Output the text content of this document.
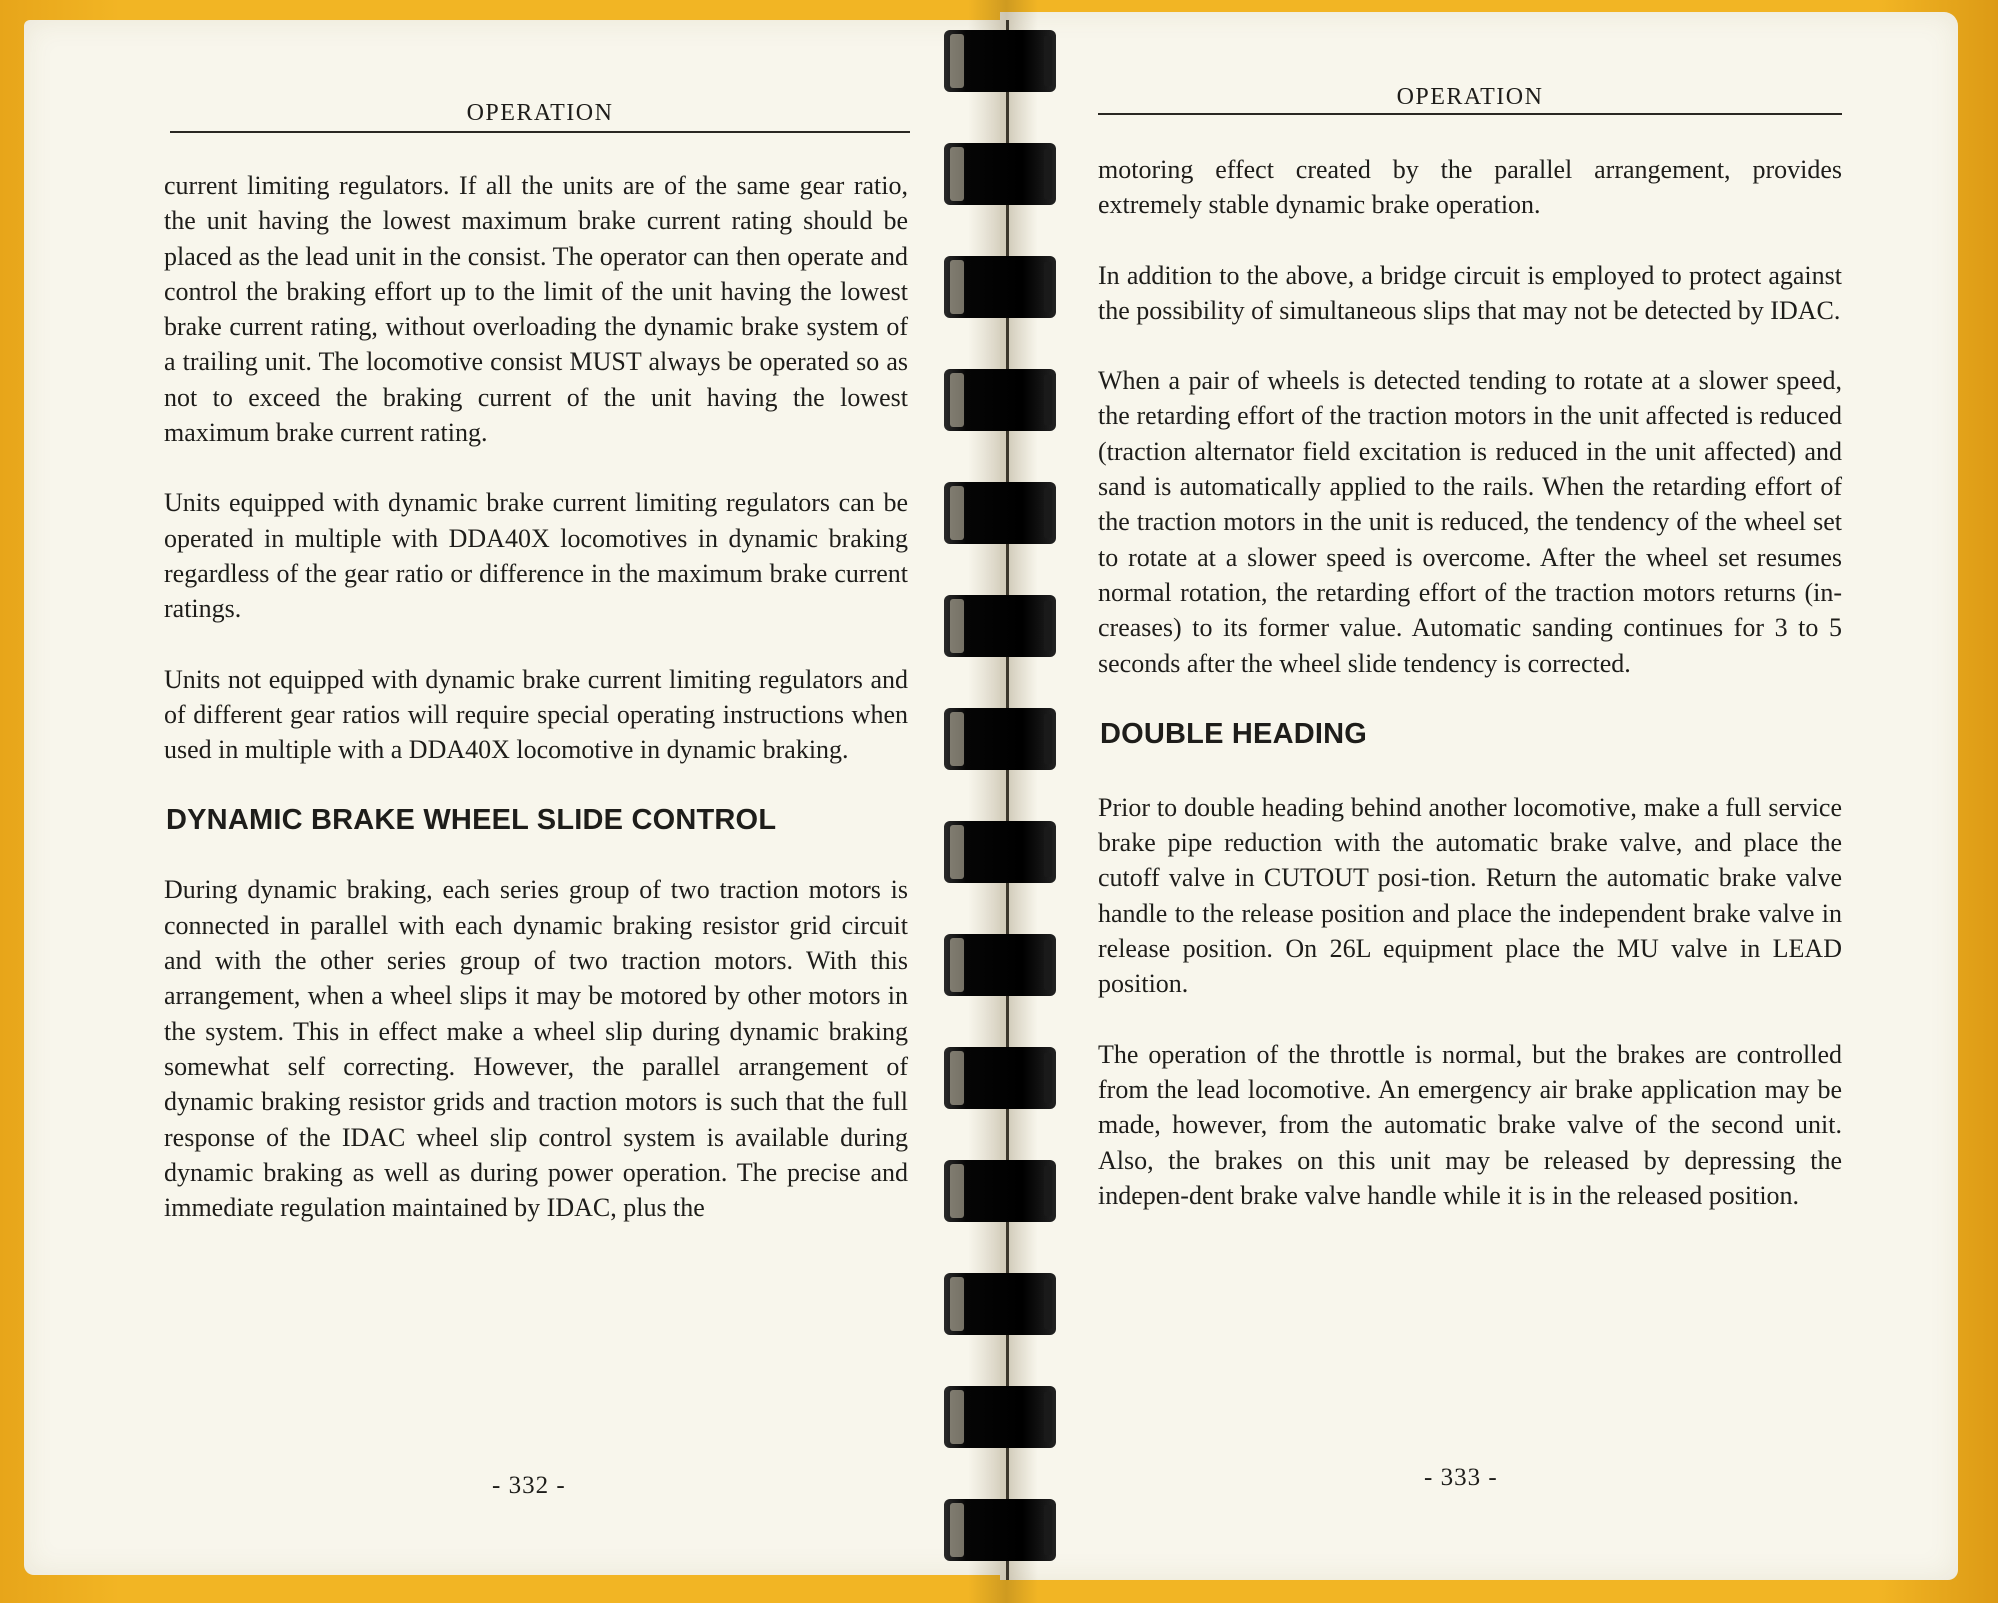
OPERATION

current limiting regulators. If all the units are of the same gear ratio, the unit having the lowest maximum brake current rating should be placed as the lead unit in the consist. The operator can then operate and control the braking effort up to the limit of the unit having the lowest brake current rating, without overloading the dynamic brake system of a trailing unit. The locomotive consist MUST always be operated so as not to exceed the braking current of the unit having the lowest maximum brake current rating.

Units equipped with dynamic brake current limiting regulators can be operated in multiple with DDA40X locomotives in dynamic braking regardless of the gear ratio or difference in the maximum brake current ratings.

Units not equipped with dynamic brake current limiting regulators and of different gear ratios will require special operating instructions when used in multiple with a DDA40X locomotive in dynamic braking.

DYNAMIC BRAKE WHEEL SLIDE CONTROL

During dynamic braking, each series group of two traction motors is connected in parallel with each dynamic braking resistor grid circuit and with the other series group of two traction motors. With this arrangement, when a wheel slips it may be motored by other motors in the system. This in effect make a wheel slip during dynamic braking somewhat self correcting. However, the parallel arrangement of dynamic braking resistor grids and traction motors is such that the full response of the IDAC wheel slip control system is available during dynamic braking as well as during power operation. The precise and immediate regulation maintained by IDAC, plus the

- 332 -
OPERATION

motoring effect created by the parallel arrangement, provides extremely stable dynamic brake operation.

In addition to the above, a bridge circuit is employed to protect against the possibility of simultaneous slips that may not be detected by IDAC.

When a pair of wheels is detected tending to rotate at a slower speed, the retarding effort of the traction motors in the unit affected is reduced (traction alternator field excitation is reduced in the unit affected) and sand is automatically applied to the rails. When the retarding effort of the traction motors in the unit is reduced, the tendency of the wheel set to rotate at a slower speed is overcome. After the wheel set resumes normal rotation, the retarding effort of the traction motors returns (in-creases) to its former value. Automatic sanding continues for 3 to 5 seconds after the wheel slide tendency is corrected.

DOUBLE HEADING

Prior to double heading behind another locomotive, make a full service brake pipe reduction with the automatic brake valve, and place the cutoff valve in CUTOUT posi-tion. Return the automatic brake valve handle to the release position and place the independent brake valve in release position. On 26L equipment place the MU valve in LEAD position.

The operation of the throttle is normal, but the brakes are controlled from the lead locomotive. An emergency air brake application may be made, however, from the automatic brake valve of the second unit. Also, the brakes on this unit may be released by depressing the indepen-dent brake valve handle while it is in the released position.

- 333 -
